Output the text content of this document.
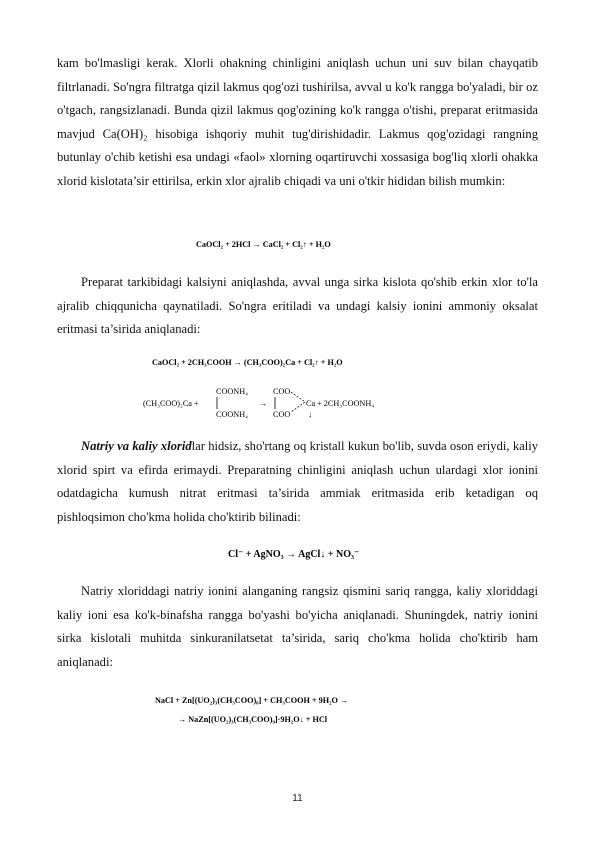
kam bo'lmasligi kerak. Xlorli ohakning chinligini aniqlash uchun uni suv bilan chayqatib filtrlanadi. So'ngra filtratga qizil lakmus qog'ozi tushirilsa, avval u ko'k rangga bo'yaladi, bir oz o'tgach, rangsizlanadi. Bunda qizil lakmus qog'ozining ko'k rangga o'tishi, preparat eritmasida mavjud Ca(OH)₂ hisobiga ishqoriy muhit tug'dirishidadir. Lakmus qog'ozidagi rangning butunlay o'chib ketishi esa undagi «faol» xlorning oqartiruvchi xossasiga bog'liq xlorli ohakka xlorid kislotata’sir ettirilsa, erkin xlor ajralib chiqadi va uni o'tkir hididan bilish mumkin:

CaOCl₂ + 2HCl → CaCl₂ + Cl₂↑ + H₂O

Preparat tarkibidagi kalsiyni aniqlashda, avval unga sirka kislota qo'shib erkin xlor to'la ajralib chiqqunicha qaynatiladi. So'ngra eritiladi va undagi kalsiy ionini ammoniy oksalat eritmasi ta’sirida aniqlanadi:

CaOCl₂ + 2CH₃COOH → (CH₃COO)₂Ca + Cl₂↑ + H₂O
(CH₃COO)₂Ca +
COONH₄
COONH₄
→
COO
COO
Ca + 2CH₃COONH₄
↓

Natriy va kaliy xloridlar hidsiz, sho'rtang oq kristall kukun bo'lib, suvda oson eriydi, kaliy xlorid spirt va efirda erimaydi. Preparatning chinligini aniqlash uchun ulardagi xlor ionini odatdagicha kumush nitrat eritmasi ta’sirida ammiak eritmasida erib ketadigan oq pishloqsimon cho'kma holida cho'ktirib bilinadi:

Cl⁻ + AgNO₃ → AgCl↓ + NO₃⁻

Natriy xloriddagi natriy ionini alanganing rangsiz qismini sariq rangga, kaliy xloriddagi kaliy ioni esa ko'k-binafsha rangga bo'yashi bo'yicha aniqlanadi. Shuningdek, natriy ionini sirka kislotali muhitda sinkuranilatsetat ta’sirida, sariq cho'kma holida cho'ktirib ham aniqlanadi:

NaCl + Zn[(UO₂)₃(CH₃COO)₈] + CH₃COOH + 9H₂O →
→ NaZn[(UO₂)₃(CH₃COO)₉]·9H₂O↓ + HCl
11
